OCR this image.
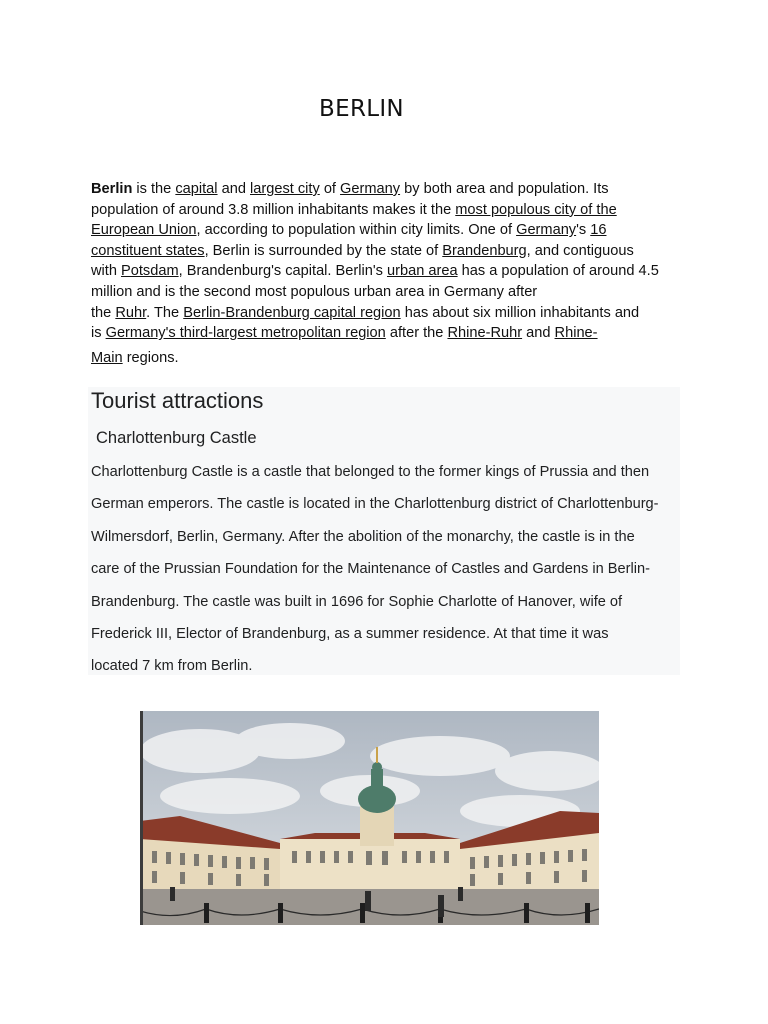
BERLIN
Berlin is the capital and largest city of Germany by both area and population. Its
population of around 3.8 million inhabitants makes it the most populous city of the
European Union, according to population within city limits. One of Germany's 16
constituent states, Berlin is surrounded by the state of Brandenburg, and contiguous
with Potsdam, Brandenburg's capital. Berlin's urban area has a population of around 4.5
million and is the second most populous urban area in Germany after
the Ruhr. The Berlin-Brandenburg capital region has about six million inhabitants and
is Germany's third-largest metropolitan region after the Rhine-Ruhr and Rhine-
Main regions.
Tourist attractions
Charlottenburg Castle
Charlottenburg Castle is a castle that belonged to the former kings of Prussia and then
German emperors. The castle is located in the Charlottenburg district of Charlottenburg-
Wilmersdorf, Berlin, Germany. After the abolition of the monarchy, the castle is in the
care of the Prussian Foundation for the Maintenance of Castles and Gardens in Berlin-
Brandenburg. The castle was built in 1696 for Sophie Charlotte of Hanover, wife of
Frederick III, Elector of Brandenburg, as a summer residence. At that time it was
located 7 km from Berlin.
